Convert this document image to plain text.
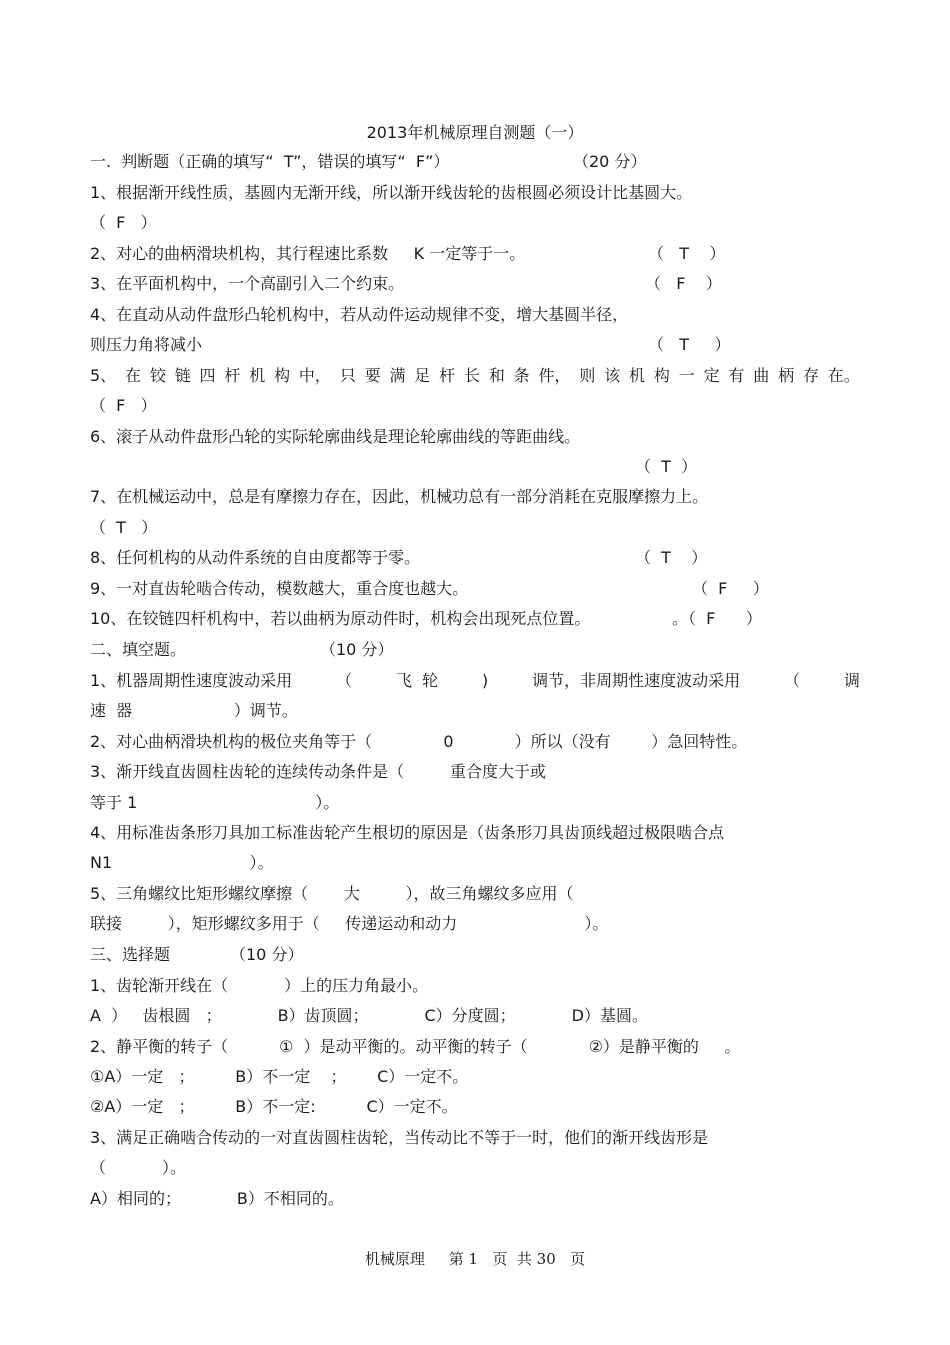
2013年机械原理自测题（一）
一.  判断题（正确的填写“  T”，错误的填写“  F”）	（20 分）
1、根据渐开线性质，基圆内无渐开线，所以渐开线齿轮的齿根圆必须设计比基圆大。
（  F   ）
2、对心的曲柄滑块机构，其行程速比系数     K 一定等于一。	（   T    ）
3、在平面机构中，一个高副引入二个约束。	（   F    ）
4、在直动从动件盘形凸轮机构中，若从动件运动规律不变，增大基圆半径，
则压力角将减小	（   T     ）
5、 在 铰 链 四 杆 机 构 中， 只 要 满 足 杆 长 和 条 件， 则 该 机 构 一 定 有 曲 柄 存 在。
（  F   ）
6、滚子从动件盘形凸轮的实际轮廓曲线是理论轮廓曲线的等距曲线。
（  T  ）
7、在机械运动中，总是有摩擦力存在，因此，机械功总有一部分消耗在克服摩擦力上。
（  T   ）
8、任何机构的从动件系统的自由度都等于零。	（  T    ）
9、一对直齿轮啮合传动，模数越大，重合度也越大。	（  F     ）
10、在铰链四杆机构中，若以曲柄为原动件时，机构会出现死点位置。	。（  F      ）
二、填空题。	（10 分）
1、机器周期性速度波动采用	（	飞  轮	)	调节，非周期性速度波动采用	（	调
速  器                    ）调节。
2、对心曲柄滑块机构的极位夹角等于（              0            ）所以（没有        ）急回特性。
3、渐开线直齿圆柱齿轮的连续传动条件是（         重合度大于或
等于 1                                   ）。
4、用标准齿条形刀具加工标准齿轮产生根切的原因是（齿条形刀具齿顶线超过极限啮合点
N1                           ）。
5、三角螺纹比矩形螺纹摩擦（       大         ），故三角螺纹多应用（
联接         ），矩形螺纹多用于（     传递运动和动力                         ）。
三、选择题	（10 分）
1、齿轮渐开线在（           ）上的压力角最小。
A  ）   齿根圆   ；           B）齿顶圆；           C）分度圆；           D）基圆。
2、静平衡的转子（          ①  ）是动平衡的。动平衡的转子（            ②）是静平衡的     。
①A）一定   ；        B）不一定    ；      C）一定不。
②A）一定   ；        B）不一定:          C）一定不。
3、满足正确啮合传动的一对直齿圆柱齿轮，当传动比不等于一时，他们的渐开线齿形是
（           ）。
A）相同的；           B）不相同的。
机械原理     第 1   页  共 30   页
